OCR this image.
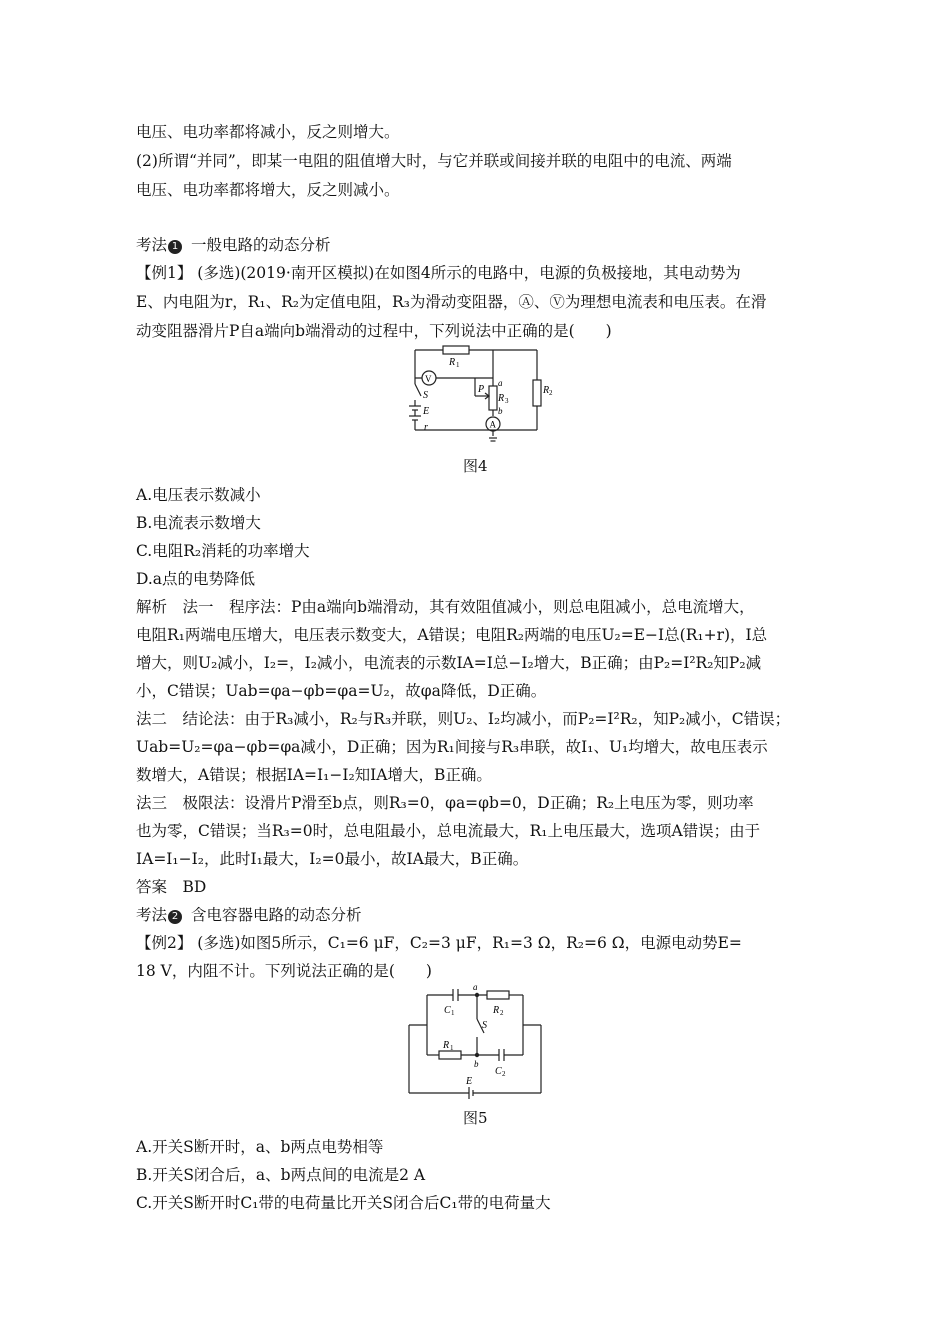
电压、电功率都将减小，反之则增大。
(2)所谓“并同”，即某一电阻的阻值增大时，与它并联或间接并联的电阻中的电流、两端
电压、电功率都将增大，反之则减小。
考法 1 一般电路的动态分析
【例1】 (多选)(2019·南开区模拟)在如图4所示的电路中，电源的负极接地，其电动势为
E、内电阻为r，R₁、R₂为定值电阻，R₃为滑动变阻器，Ⓐ、Ⓥ为理想电流表和电压表。在滑
动变阻器滑片P自a端向b端滑动的过程中，下列说法中正确的是(　　)
R 1
V
S
E
r
P
a
R 3
b
A
R 2
图4
A.电压表示数减小
B.电流表示数增大
C.电阻R₂消耗的功率增大
D.a点的电势降低
解析　法一　程序法：P由a端向b端滑动，其有效阻值减小，则总电阻减小，总电流增大，
电阻R₁两端电压增大，电压表示数变大，A错误；电阻R₂两端的电压U₂=E−I总(R₁+r)，I总
增大，则U₂减小，I₂=，I₂减小，电流表的示数IA=I总−I₂增大，B正确；由P₂=I²R₂知P₂减
小，C错误；Uab=φa−φb=φa=U₂，故φa降低，D正确。
法二　结论法：由于R₃减小，R₂与R₃并联，则U₂、I₂均减小，而P₂=I²R₂，知P₂减小，C错误；
Uab=U₂=φa−φb=φa减小，D正确；因为R₁间接与R₃串联，故I₁、U₁均增大，故电压表示
数增大，A错误；根据IA=I₁−I₂知IA增大，B正确。
法三　极限法：设滑片P滑至b点，则R₃=0，φa=φb=0，D正确；R₂上电压为零，则功率
也为零，C错误；当R₃=0时，总电阻最小，总电流最大，R₁上电压最大，选项A错误；由于
IA=I₁−I₂，此时I₁最大，I₂=0最小，故IA最大，B正确。
答案　BD
考法 2 含电容器电路的动态分析
【例2】 (多选)如图5所示，C₁=6 μF，C₂=3 μF，R₁=3 Ω，R₂=6 Ω，电源电动势E=
18 V，内阻不计。下列说法正确的是(　　)
a
C 1	R 2
S
R 1
b
C 2
E
图5
A.开关S断开时，a、b两点电势相等
B.开关S闭合后，a、b两点间的电流是2 A
C.开关S断开时C₁带的电荷量比开关S闭合后C₁带的电荷量大
